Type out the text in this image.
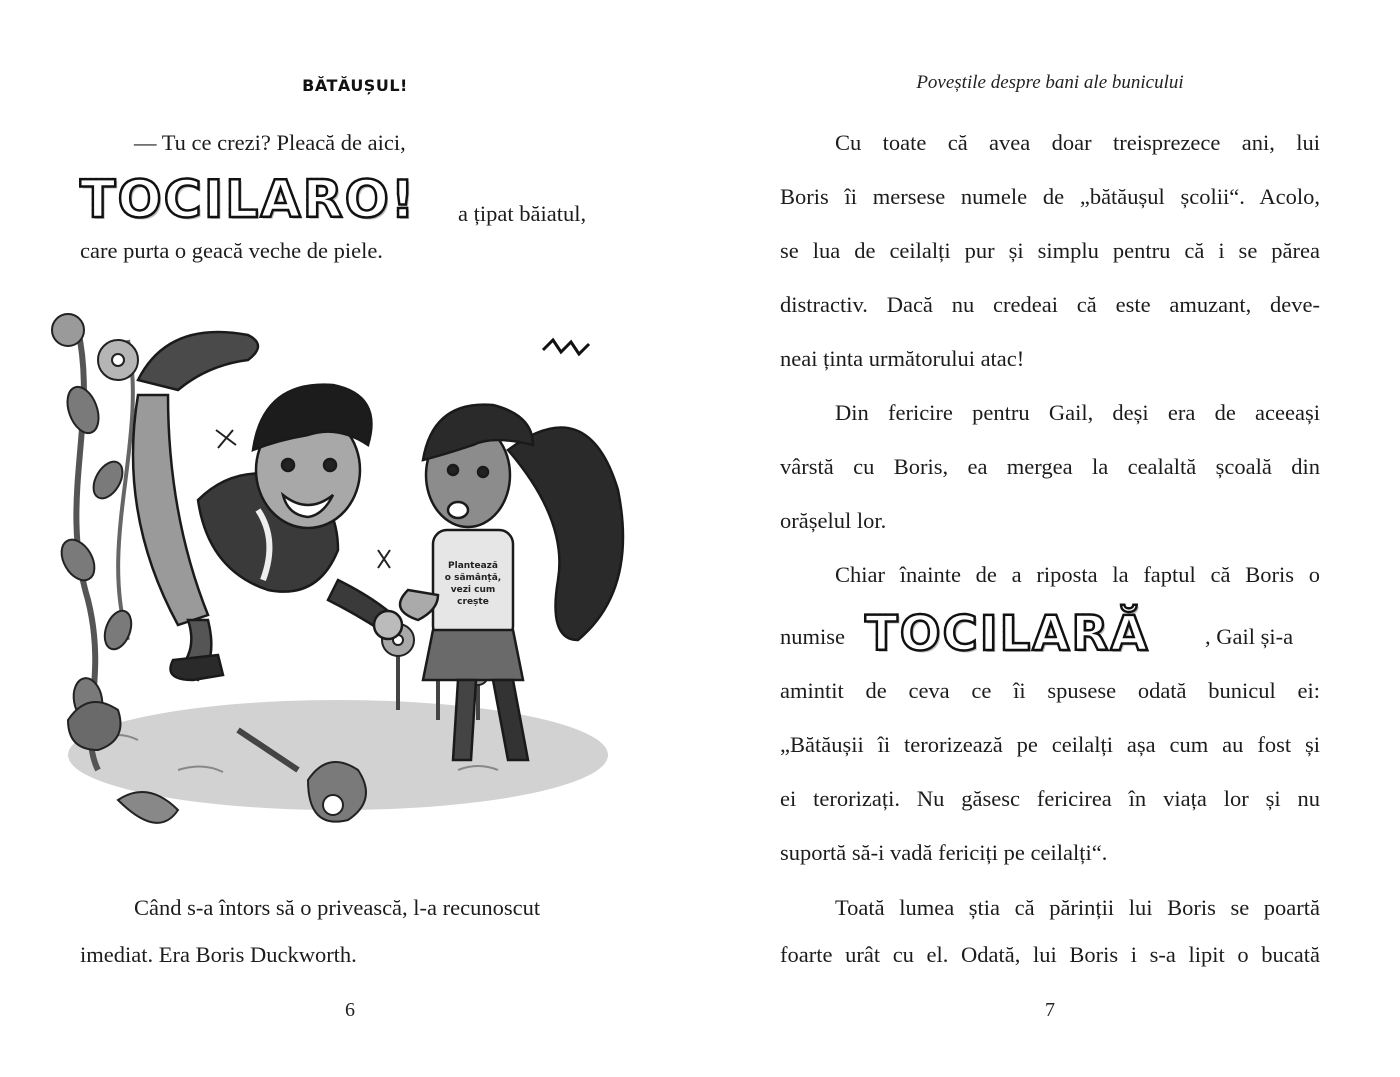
BĂTĂUȘUL!
— Tu ce crezi? Pleacă de aici,
TOCILARO! a țipat băiatul,
care purta o geacă veche de piele.
Plantează
o sămânță,
vezi cum
crește
Când s-a întors să o privească, l-a recunoscut
imediat. Era Boris Duckworth.
6
Poveștile despre bani ale bunicului
Cu toate că avea doar treisprezece ani, lui
Boris îi mersese numele de „bătăușul școlii“. Acolo,
se lua de ceilalți pur și simplu pentru că i se părea
distractiv. Dacă nu credeai că este amuzant, deve-
neai ținta următorului atac!
Din fericire pentru Gail, deși era de aceeași
vârstă cu Boris, ea mergea la cealaltă școală din
orășelul lor.
Chiar înainte de a riposta la faptul că Boris o
numise TOCILARĂ , Gail și-a
amintit de ceva ce îi spusese odată bunicul ei:
„Bătăușii îi terorizează pe ceilalți așa cum au fost și
ei terorizați. Nu găsesc fericirea în viața lor și nu
suportă să-i vadă fericiți pe ceilalți“.
Toată lumea știa că părinții lui Boris se poartă
foarte urât cu el. Odată, lui Boris i s-a lipit o bucată
7
